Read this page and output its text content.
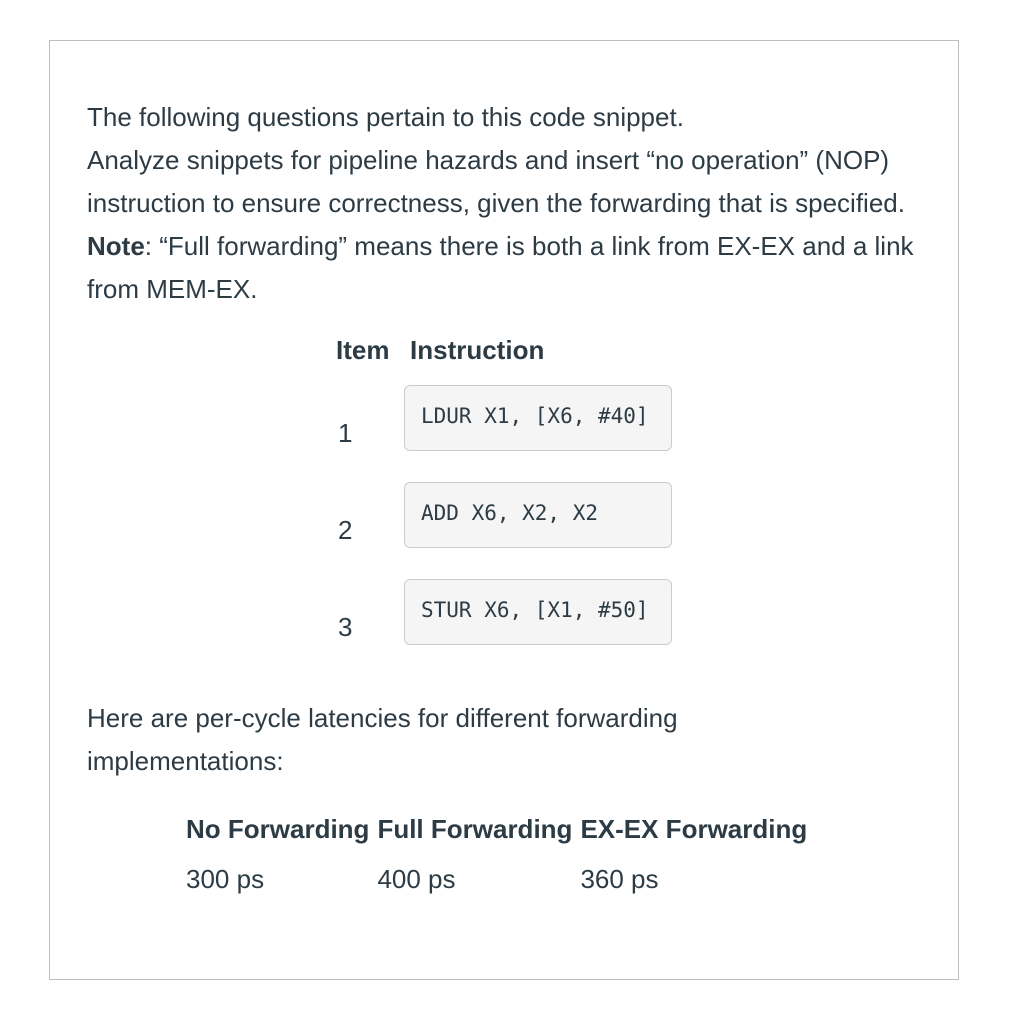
The following questions pertain to this code snippet.

Analyze snippets for pipeline hazards and insert “no operation” (NOP) instruction to ensure correctness, given the forwarding that is specified. Note: “Full forwarding” means there is both a link from EX-EX and a link from MEM-EX.

Item	Instruction
1	LDUR X1, [X6, #40]

2	ADD X6, X2, X2

3	STUR X6, [X1, #50]

Here are per-cycle latencies for different forwarding implementations:

No Forwarding	Full Forwarding	EX-EX Forwarding
300 ps	400 ps	360 ps
